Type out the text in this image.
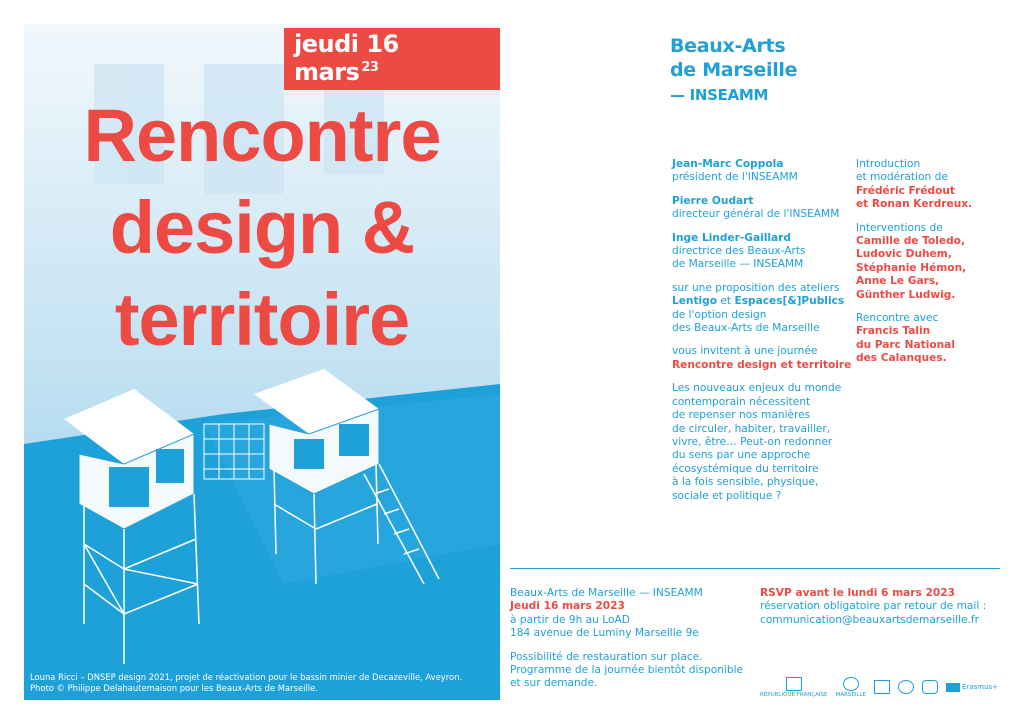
jeudi 16 mars $^{23}$
Rencontre
design &
territoire
Louna Ricci – DNSEP design 2021, projet de réactivation pour le bassin minier de Decazeville, Aveyron.
Photo © Philippe Delahautemaison pour les Beaux-Arts de Marseille.
Beaux-Arts
de Marseille
— INSEAMM

Jean-Marc Coppola
président de l'INSEAMM

Pierre Oudart
directeur général de l'INSEAMM

Inge Linder-Gaillard
directrice des Beaux-Arts
de Marseille — INSEAMM

sur une proposition des ateliers
Lentigo et Espaces[&]Publics
de l'option design
des Beaux-Arts de Marseille

vous invitent à une journée
Rencontre design et territoire

Les nouveaux enjeux du monde
contemporain nécessitent
de repenser nos manières
de circuler, habiter, travailler,
vivre, être… Peut-on redonner
du sens par une approche
écosystémique du territoire
à la fois sensible, physique,
sociale et politique ?

Introduction
et modération de
Frédéric Frédout
et Ronan Kerdreux.

Interventions de
Camille de Toledo,
Ludovic Duhem,
Stéphanie Hémon,
Anne Le Gars,
Günther Ludwig.

Rencontre avec
Francis Talin
du Parc National
des Calanques.

Beaux-Arts de Marseille — INSEAMM
Jeudi 16 mars 2023
à partir de 9h au LoAD
184 avenue de Luminy Marseille 9e

Possibilité de restauration sur place.
Programme de la journée bientôt disponible
et sur demande.

RSVP avant le lundi 6 mars 2023
réservation obligatoire par retour de mail :
communication@beauxartsdemarseille.fr
RÉPUBLIQUE FRANÇAISE MARSEILLE
Erasmus+
